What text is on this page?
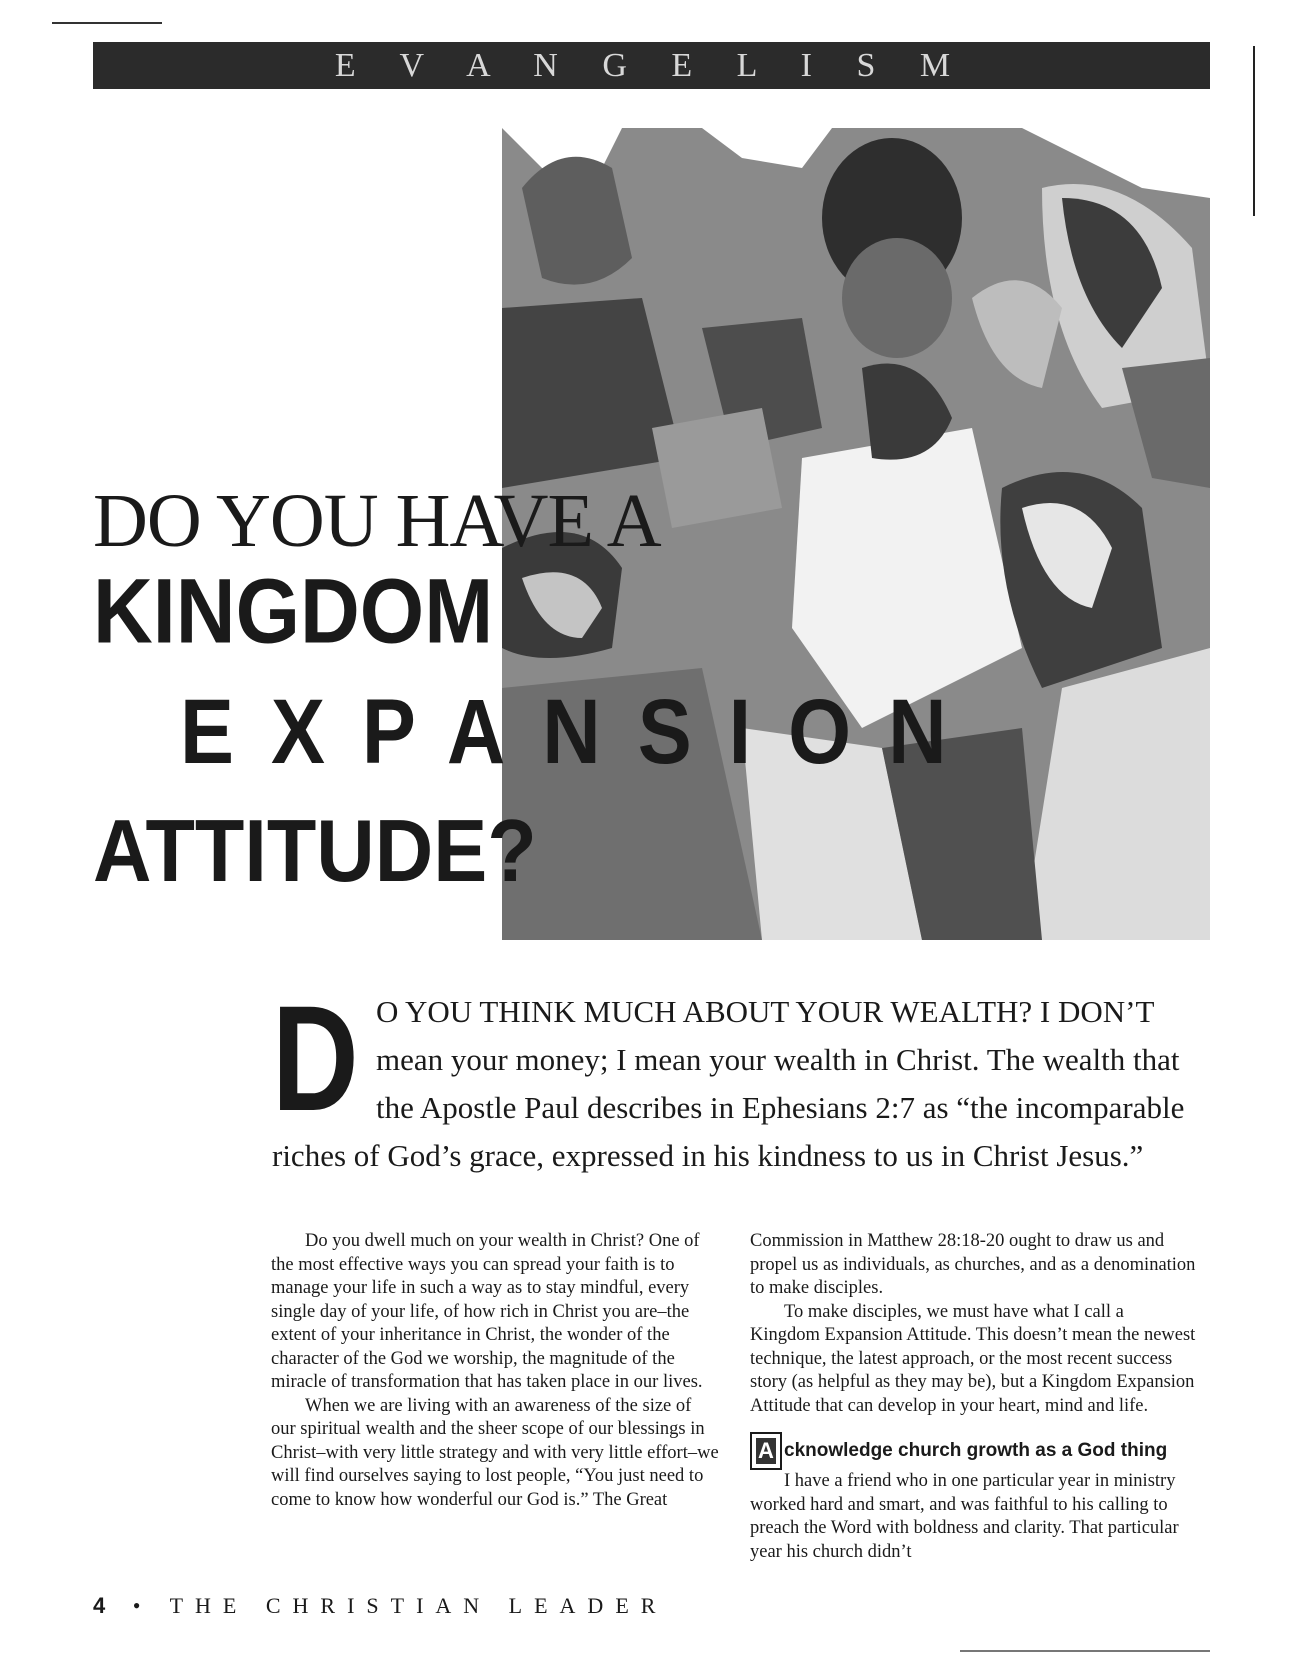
E V A N G E L I S M
DO YOU HAVE A
KINGDOM
EXPANSION
ATTITUDE?
D O YOU THINK MUCH ABOUT YOUR WEALTH? I DON’T mean your money; I mean your wealth in Christ. The wealth that the Apostle Paul describes in Ephesians 2:7 as “the incomparable riches of God’s grace, expressed in his kindness to us in Christ Jesus.”

Do you dwell much on your wealth in Christ? One of the most effective ways you can spread your faith is to manage your life in such a way as to stay mindful, every single day of your life, of how rich in Christ you are–the extent of your inheritance in Christ, the wonder of the character of the God we worship, the magnitude of the miracle of transformation that has taken place in our lives.

When we are living with an awareness of the size of our spiritual wealth and the sheer scope of our blessings in Christ–with very little strategy and with very little effort–we will find ourselves saying to lost people, “You just need to come to know how wonderful our God is.” The Great

Commission in Matthew 28:18-20 ought to draw us and propel us as individuals, as churches, and as a denomination to make disciples.

To make disciples, we must have what I call a Kingdom Expansion Attitude. This doesn’t mean the newest technique, the latest approach, or the most recent success story (as helpful as they may be), but a Kingdom Expansion Attitude that can develop in your heart, mind and life.

A cknowledge church growth as a God thing

I have a friend who in one particular year in ministry worked hard and smart, and was faithful to his calling to preach the Word with boldness and clarity. That particular year his church didn’t

4 • THE CHRISTIAN LEADER
